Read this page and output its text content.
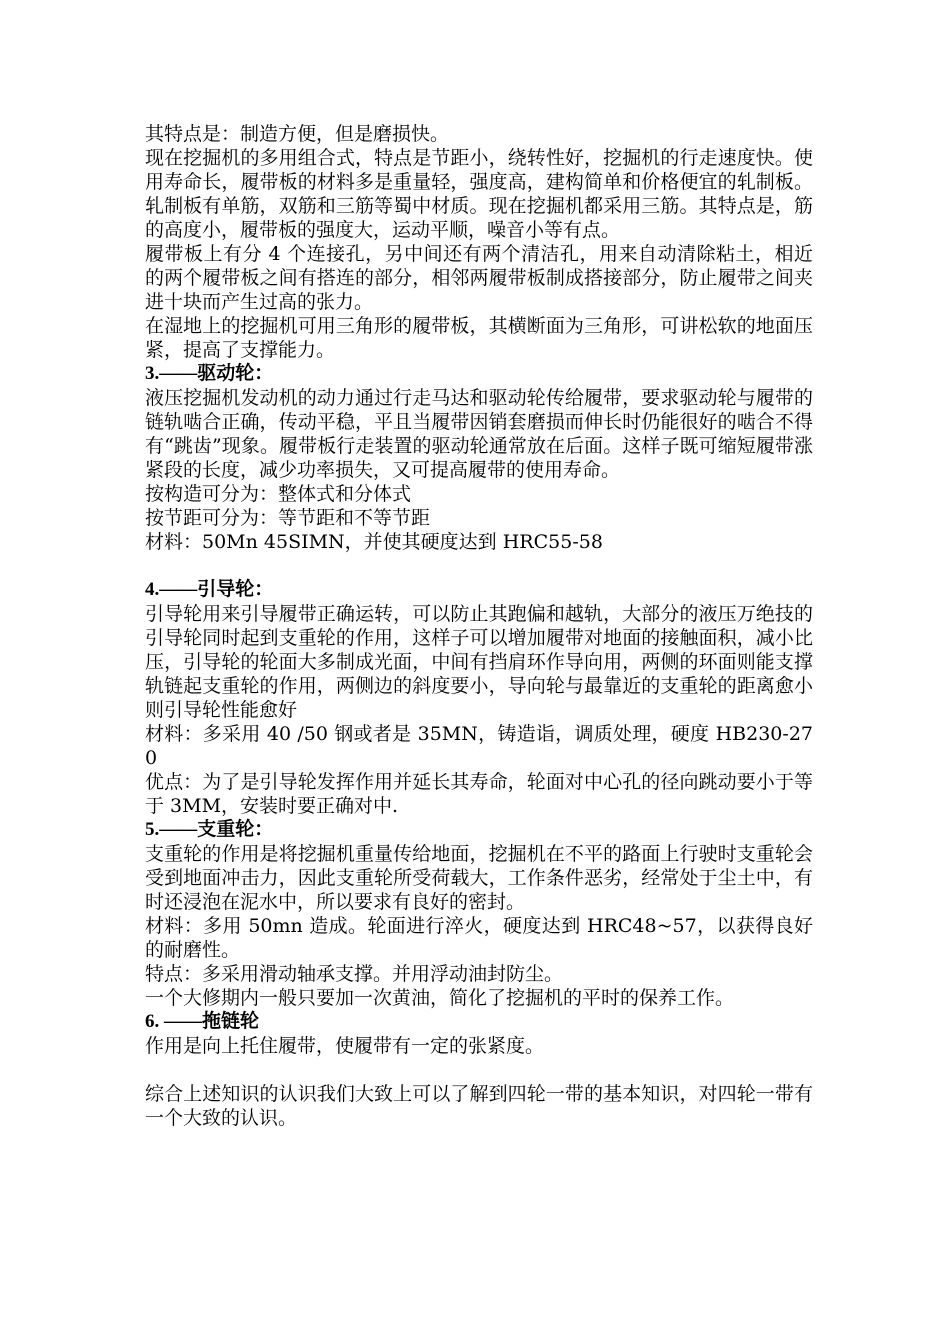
其特点是：制造方便，但是磨损快。

现在挖掘机的多用组合式，特点是节距小，绕转性好，挖掘机的行走速度快。使用寿命长，履带板的材料多是重量轻，强度高，建构简单和价格便宜的轧制板。轧制板有单筋，双筋和三筋等蜀中材质。现在挖掘机都采用三筋。其特点是，筋的高度小，履带板的强度大，运动平顺，噪音小等有点。

履带板上有分 4 个连接孔，另中间还有两个清洁孔，用来自动清除粘土，相近的两个履带板之间有搭连的部分，相邻两履带板制成搭接部分，防止履带之间夹进十块而产生过高的张力。

在湿地上的挖掘机可用三角形的履带板，其横断面为三角形，可讲松软的地面压紧，提高了支撑能力。

3.——驱动轮：

液压挖掘机发动机的动力通过行走马达和驱动轮传给履带，要求驱动轮与履带的链轨啮合正确，传动平稳，平且当履带因销套磨损而伸长时仍能很好的啮合不得有“跳齿”现象。履带板行走装置的驱动轮通常放在后面。这样子既可缩短履带涨紧段的长度，减少功率损失，又可提高履带的使用寿命。

按构造可分为：整体式和分体式

按节距可分为：等节距和不等节距

材料：50Mn 45SIMN，并使其硬度达到 HRC55-58

4.——引导轮：

引导轮用来引导履带正确运转，可以防止其跑偏和越轨，大部分的液压万绝技的引导轮同时起到支重轮的作用，这样子可以增加履带对地面的接触面积，减小比压，引导轮的轮面大多制成光面，中间有挡肩环作导向用，两侧的环面则能支撑轨链起支重轮的作用，两侧边的斜度要小，导向轮与最靠近的支重轮的距离愈小则引导轮性能愈好

材料：多采用 40 /50 钢或者是 35MN，铸造诣，调质处理，硬度 HB230-270

优点：为了是引导轮发挥作用并延长其寿命，轮面对中心孔的径向跳动要小于等于 3MM，安装时要正确对中.

5.——支重轮：

支重轮的作用是将挖掘机重量传给地面，挖掘机在不平的路面上行驶时支重轮会受到地面冲击力，因此支重轮所受荷载大，工作条件恶劣，经常处于尘土中，有时还浸泡在泥水中，所以要求有良好的密封。

材料：多用 50mn 造成。轮面进行淬火，硬度达到 HRC48~57，以获得良好的耐磨性。

特点：多采用滑动轴承支撑。并用浮动油封防尘。

一个大修期内一般只要加一次黄油，简化了挖掘机的平时的保养工作。

6. ——拖链轮

作用是向上托住履带，使履带有一定的张紧度。

综合上述知识的认识我们大致上可以了解到四轮一带的基本知识，对四轮一带有一个大致的认识。
